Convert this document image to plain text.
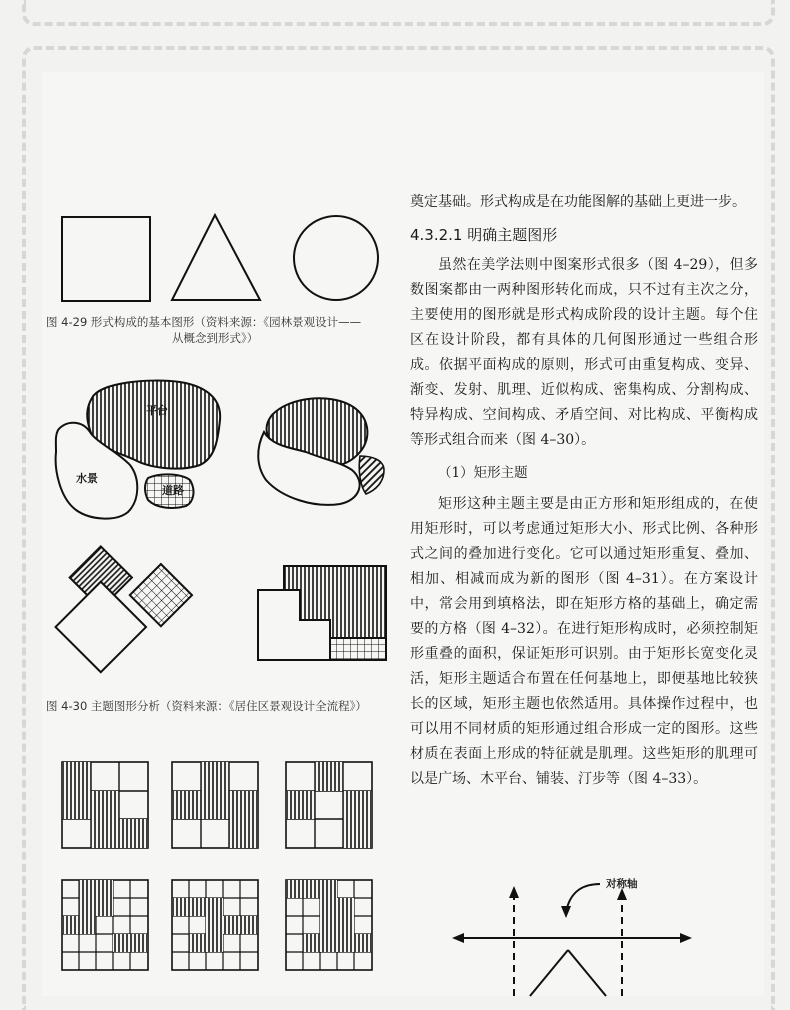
图 4-29 形式构成的基本图形（资料来源：《园林景观设计——
从概念到形式》）
平台
水景
道路
图 4-30 主题图形分析（资料来源：《居住区景观设计全流程》）

奠定基础。形式构成是在功能图解的基础上更进一步。

4.3.2.1 明确主题图形

虽然在美学法则中图案形式很多（图 4–29），但多数图案都由一两种图形转化而成，只不过有主次之分，主要使用的图形就是形式构成阶段的设计主题。每个住区在设计阶段，都有具体的几何图形通过一些组合形成。依据平面构成的原则，形式可由重复构成、变异、渐变、发射、肌理、近似构成、密集构成、分割构成、特异构成、空间构成、矛盾空间、对比构成、平衡构成等形式组合而来（图 4–30）。

（1）矩形主题

矩形这种主题主要是由正方形和矩形组成的，在使用矩形时，可以考虑通过矩形大小、形式比例、各种形式之间的叠加进行变化。它可以通过矩形重复、叠加、相加、相减而成为新的图形（图 4–31）。在方案设计中，常会用到填格法，即在矩形方格的基础上，确定需要的方格（图 4–32）。在进行矩形构成时，必须控制矩形重叠的面积，保证矩形可识别。由于矩形长宽变化灵活，矩形主题适合布置在任何基地上，即便基地比较狭长的区域，矩形主题也依然适用。具体操作过程中，也可以用不同材质的矩形通过组合形成一定的图形。这些材质在表面上形成的特征就是肌理。这些矩形的肌理可以是广场、木平台、铺装、汀步等（图 4–33）。

对称轴
